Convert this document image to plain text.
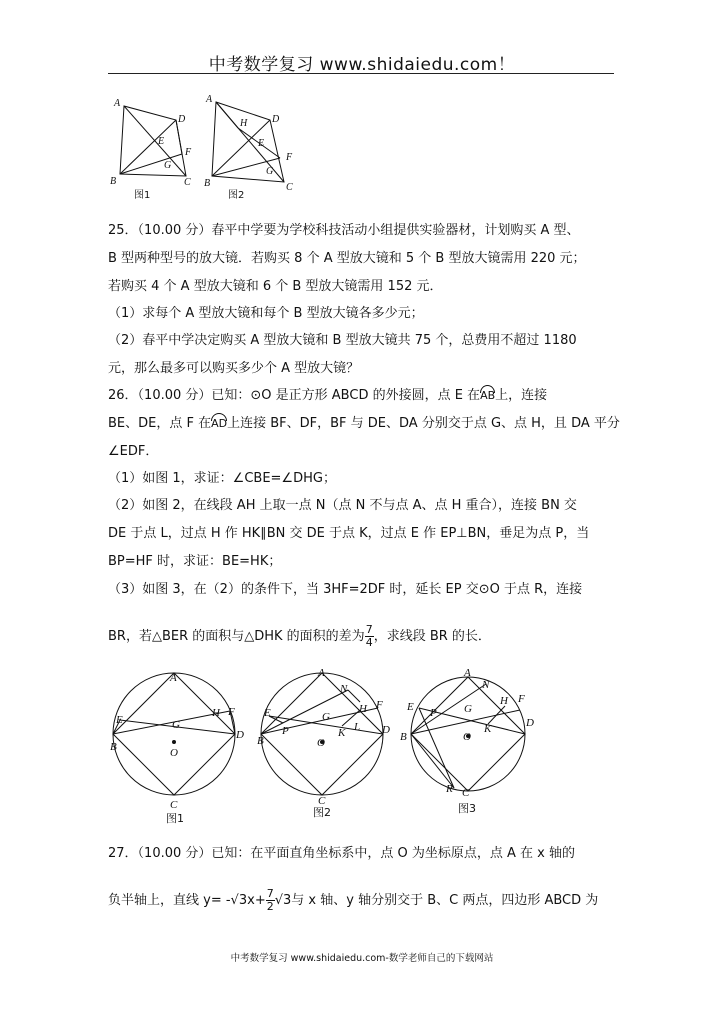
中考数学复习 www.shidaiedu.com！
A
D
E
F
G
B	C
图1
A
H D
E
F
G
B	C
图2
25．（10.00 分）春平中学要为学校科技活动小组提供实验器材，计划购买 A 型、
B 型两种型号的放大镜．若购买 8 个 A 型放大镜和 5 个 B 型放大镜需用 220 元；
若购买 4 个 A 型放大镜和 6 个 B 型放大镜需用 152 元．
（1）求每个 A 型放大镜和每个 B 型放大镜各多少元；
（2）春平中学决定购买 A 型放大镜和 B 型放大镜共 75 个，总费用不超过 1180
元，那么最多可以购买多少个 A 型放大镜？
26．（10.00 分）已知：⊙O 是正方形 ABCD 的外接圆，点 E 在AB上，连接
BE、DE，点 F 在AD上连接 BF、DF，BF 与 DE、DA 分别交于点 G、点 H，且 DA 平分
∠EDF．
（1）如图 1，求证：∠CBE=∠DHG；
（2）如图 2，在线段 AH 上取一点 N（点 N 不与点 A、点 H 重合），连接 BN 交
DE 于点 L，过点 H 作 HK∥BN 交 DE 于点 K，过点 E 作 EP⊥BN，垂足为点 P，当
BP=HF 时，求证：BE=HK；
（3）如图 3，在（2）的条件下，当 3HF=2DF 时，延长 EP 交⊙O 于点 R，连接
BR，若△BER 的面积与△DHK 的面积的差为 $\frac{7}{4}$ ，求线段 BR 的长．
A
E	G
H F
B	O
D
C
图1
A
N
E	G
H F
B
P
O
K L D
C
图2
A
N
H F
E P G
B	O
K	D
R C
图3
27．（10.00 分）已知：在平面直角坐标系中，点 O 为坐标原点，点 A 在 x 轴的
负半轴上，直线 $y= -√3x+ \frac{7}{2} √3$与 x 轴、y 轴分别交于 B、C 两点，四边形 ABCD 为
中考数学复习 www.shidaiedu.com-数学老师自己的下载网站
